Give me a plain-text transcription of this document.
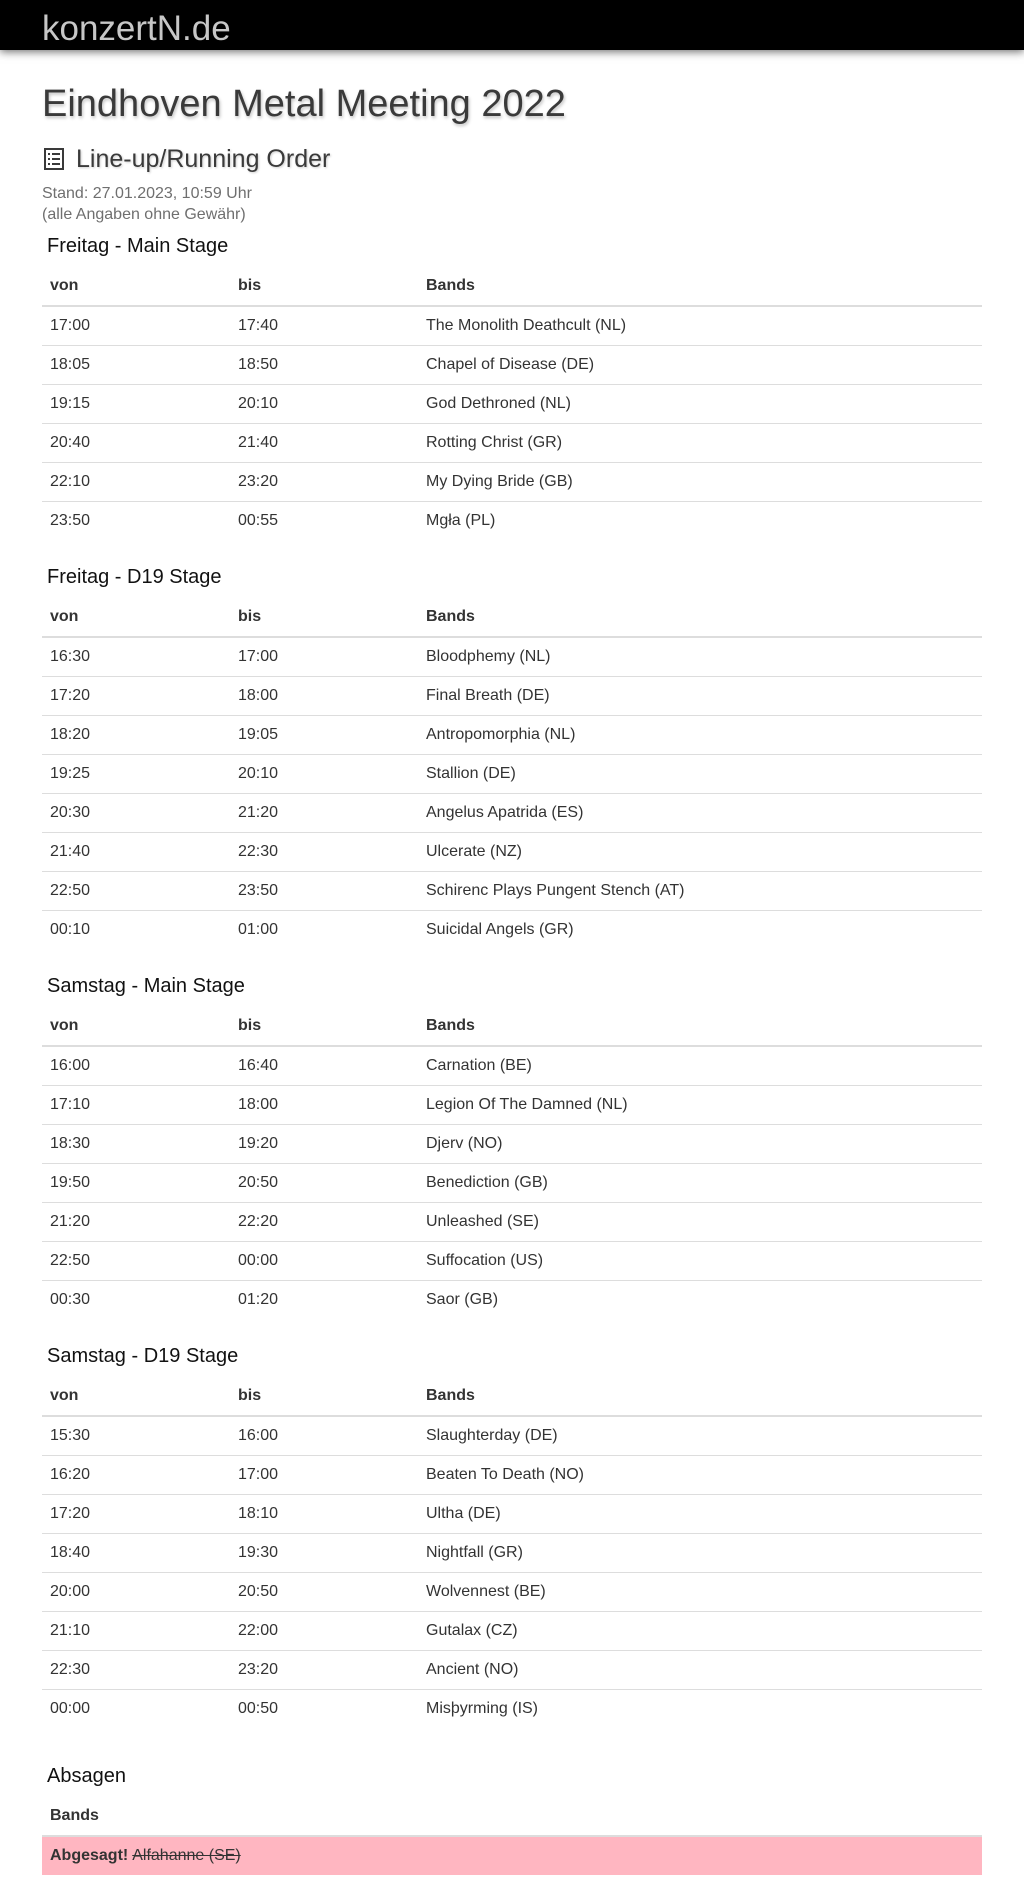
konzertN.de
Eindhoven Metal Meeting 2022
Line-up/Running Order
Stand: 27.01.2023, 10:59 Uhr
(alle Angaben ohne Gewähr)
Freitag - Main Stage
von	bis	Bands
17:00	17:40	The Monolith Deathcult (NL)
18:05	18:50	Chapel of Disease (DE)
19:15	20:10	God Dethroned (NL)
20:40	21:40	Rotting Christ (GR)
22:10	23:20	My Dying Bride (GB)
23:50	00:55	Mgła (PL)
Freitag - D19 Stage
von	bis	Bands
16:30	17:00	Bloodphemy (NL)
17:20	18:00	Final Breath (DE)
18:20	19:05	Antropomorphia (NL)
19:25	20:10	Stallion (DE)
20:30	21:20	Angelus Apatrida (ES)
21:40	22:30	Ulcerate (NZ)
22:50	23:50	Schirenc Plays Pungent Stench (AT)
00:10	01:00	Suicidal Angels (GR)
Samstag - Main Stage
von	bis	Bands
16:00	16:40	Carnation (BE)
17:10	18:00	Legion Of The Damned (NL)
18:30	19:20	Djerv (NO)
19:50	20:50	Benediction (GB)
21:20	22:20	Unleashed (SE)
22:50	00:00	Suffocation (US)
00:30	01:20	Saor (GB)
Samstag - D19 Stage
von	bis	Bands
15:30	16:00	Slaughterday (DE)
16:20	17:00	Beaten To Death (NO)
17:20	18:10	Ultha (DE)
18:40	19:30	Nightfall (GR)
20:00	20:50	Wolvennest (BE)
21:10	22:00	Gutalax (CZ)
22:30	23:20	Ancient (NO)
00:00	00:50	Misþyrming (IS)
Absagen
Bands
Abgesagt! Alfahanne (SE)
